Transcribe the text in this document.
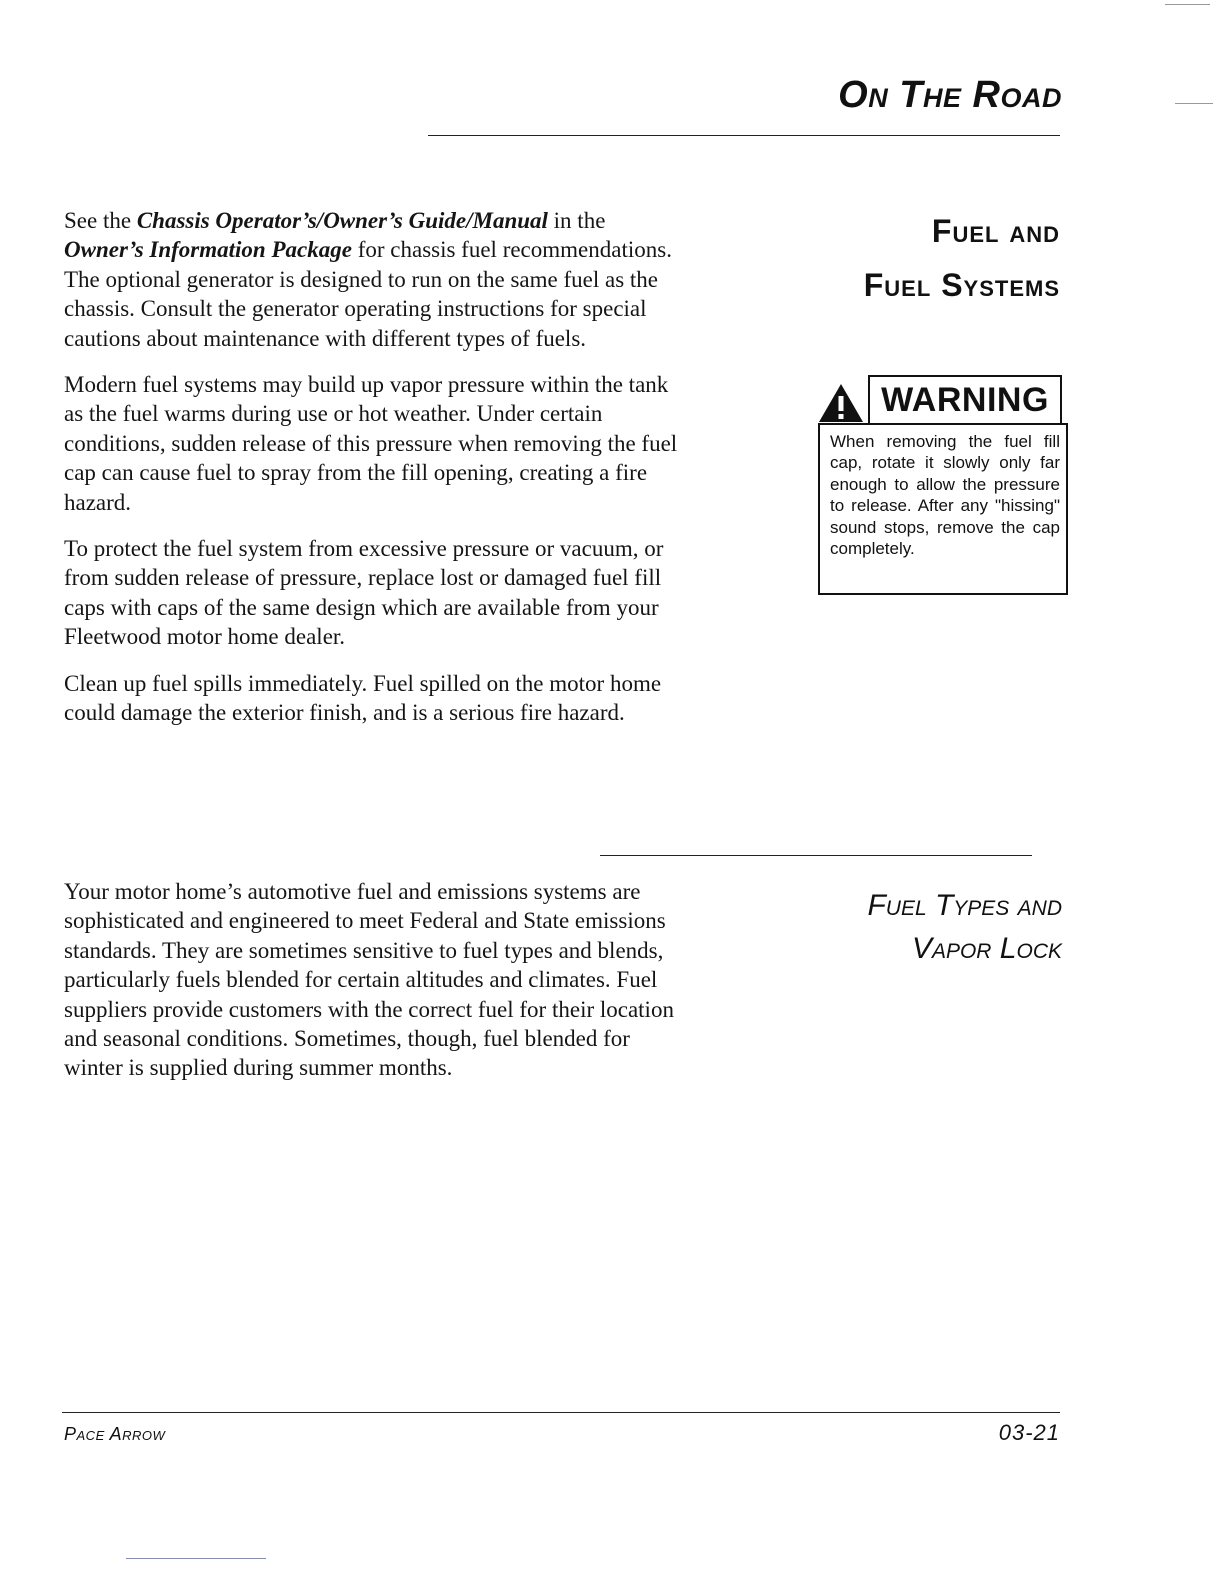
On The Road
Fuel and
Fuel Systems

See the Chassis Operator’s/Owner’s Guide/Manual in the Owner’s Information Package for chassis fuel recommendations. The optional generator is designed to run on the same fuel as the chassis. Consult the generator operating instructions for special cautions about maintenance with different types of fuels.

Modern fuel systems may build up vapor pressure within the tank as the fuel warms during use or hot weather. Under certain conditions, sudden release of this pressure when removing the fuel cap can cause fuel to spray from the fill opening, creating a fire hazard.

To protect the fuel system from excessive pressure or vacuum, or from sudden release of pressure, replace lost or damaged fuel fill caps with caps of the same design which are available from your Fleetwood motor home dealer.

Clean up fuel spills immediately. Fuel spilled on the motor home could damage the exterior finish, and is a serious fire hazard.

WARNING
When removing the fuel fill cap, rotate it slowly only far enough to allow the pressure to release. After any "hissing" sound stops, remove the cap completely.
Fuel Types and
Vapor Lock

Your motor home’s automotive fuel and emissions systems are sophisticated and engineered to meet Federal and State emissions standards. They are sometimes sensitive to fuel types and blends, particularly fuels blended for certain altitudes and climates. Fuel suppliers provide customers with the correct fuel for their location and seasonal conditions. Sometimes, though, fuel blended for winter is supplied during summer months.

Pace Arrow	03-21
